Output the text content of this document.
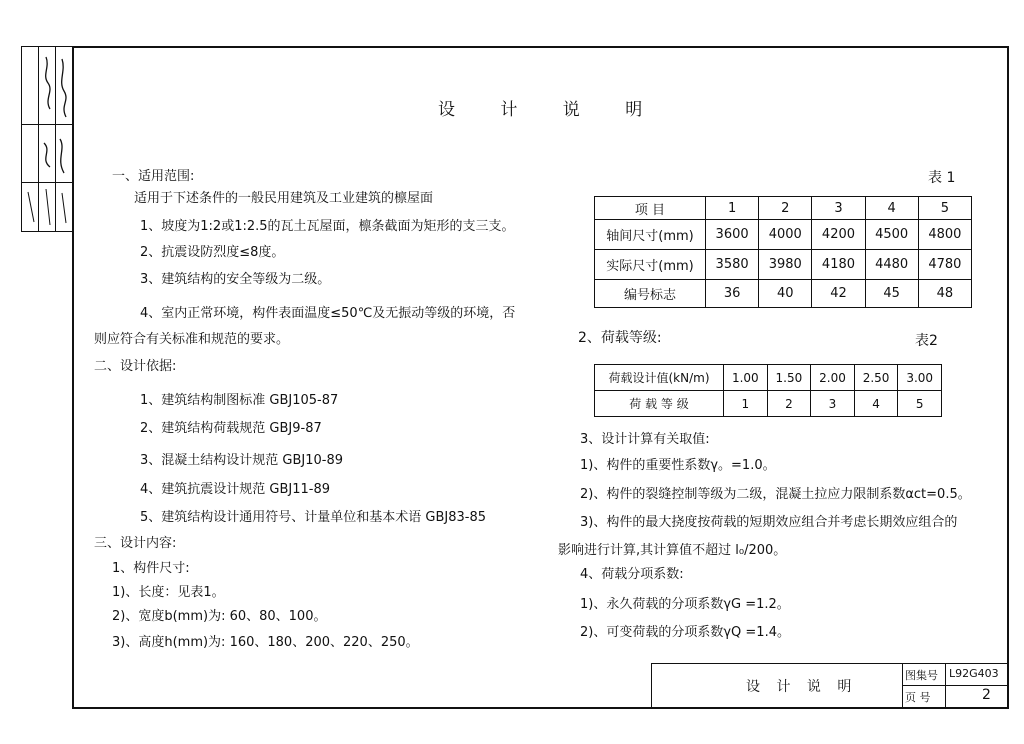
设 计 说 明
一、适用范围:
适用于下述条件的一般民用建筑及工业建筑的檩屋面
1、坡度为1:2或1:2.5的瓦土瓦屋面，檩条截面为矩形的支三支。
2、抗震设防烈度≤8度。
3、建筑结构的安全等级为二级。
4、室内正常环境，构件表面温度≤50℃及无振动等级的环境，否
则应符合有关标准和规范的要求。
二、设计依据:
1、建筑结构制图标准 GBJ105-87
2、建筑结构荷载规范 GBJ9-87
3、混凝土结构设计规范 GBJ10-89
4、建筑抗震设计规范 GBJ11-89
5、建筑结构设计通用符号、计量单位和基本术语 GBJ83-85
三、设计内容:
1、构件尺寸:
1)、长度：见表1。
2)、宽度b(mm)为: 60、80、100。
3)、高度h(mm)为: 160、180、200、220、250。
表 1
项 目	1	2	3	4	5
轴间尺寸(mm)	3600	4000	4200	4500	4800
实际尺寸(mm)	3580	3980	4180	4480	4780
编号标志	36	40	42	45	48
2、荷载等级:	表2
荷载设计值(kN/m)	1.00	1.50	2.00	2.50	3.00
荷 载 等 级	1	2	3	4	5
3、设计计算有关取值:
1)、构件的重要性系数γ。=1.0。
2)、构件的裂缝控制等级为二级，混凝土拉应力限制系数αct=0.5。
3)、构件的最大挠度按荷载的短期效应组合并考虑长期效应组合的
影响进行计算,其计算值不超过 l₀/200。
4、荷载分项系数:
1)、永久荷载的分项系数γG =1.2。
2)、可变荷载的分项系数γQ =1.4。
设 计 说 明
图集号 L92G403
页 号	2
